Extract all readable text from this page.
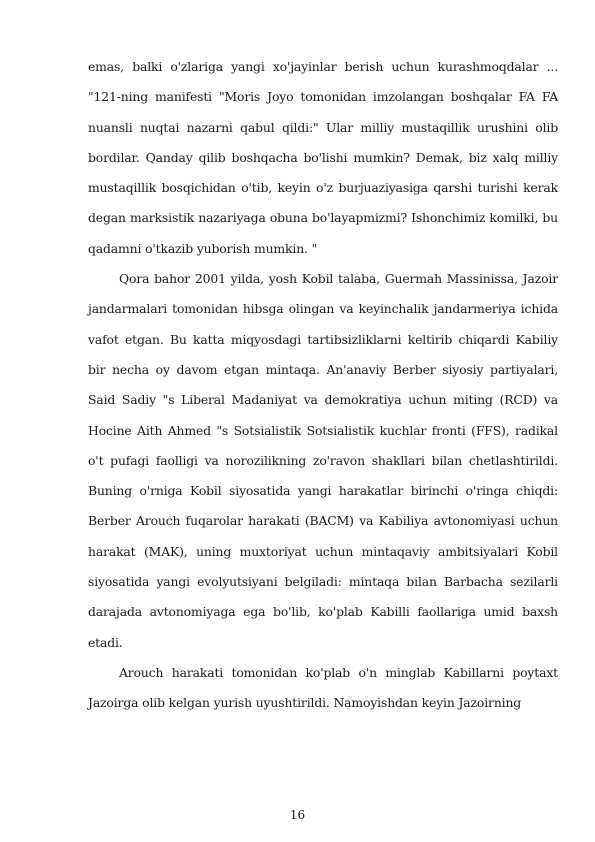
emas, balki o'zlariga yangi xo'jayinlar berish uchun kurashmoqdalar ... "121-ning manifesti "Moris Joyo tomonidan imzolangan boshqalar FA FA nuansli nuqtai nazarni qabul qildi:" Ular milliy mustaqillik urushini olib bordilar. Qanday qilib boshqacha bo'lishi mumkin? Demak, biz xalq milliy mustaqillik bosqichidan o'tib, keyin o'z burjuaziyasiga qarshi turishi kerak degan marksistik nazariyaga obuna bo'layapmizmi? Ishonchimiz komilki, bu qadamni o'tkazib yuborish mumkin. "

Qora bahor 2001 yilda, yosh Kobil talaba, Guermah Massinissa, Jazoir jandarmalari tomonidan hibsga olingan va keyinchalik jandarmeriya ichida vafot etgan. Bu katta miqyosdagi tartibsizliklarni keltirib chiqardi Kabiliy bir necha oy davom etgan mintaqa. An'anaviy Berber siyosiy partiyalari, Said Sadiy "s Liberal Madaniyat va demokratiya uchun miting (RCD) va Hocine Aith Ahmed "s Sotsialistik Sotsialistik kuchlar fronti (FFS), radikal o't pufagi faolligi va norozilikning zo'ravon shakllari bilan chetlashtirildi. Buning o'rniga Kobil siyosatida yangi harakatlar birinchi o'ringa chiqdi: Berber Arouch fuqarolar harakati (BACM) va Kabiliya avtonomiyasi uchun harakat (MAK), uning muxtoriyat uchun mintaqaviy ambitsiyalari Kobil siyosatida yangi evolyutsiyani belgiladi: mintaqa bilan Barbacha sezilarli darajada avtonomiyaga ega bo'lib, ko'plab Kabilli faollariga umid baxsh etadi.

Arouch harakati tomonidan ko'plab o'n minglab Kabillarni poytaxt Jazoirga olib kelgan yurish uyushtirildi. Namoyishdan keyin Jazoirning

16
